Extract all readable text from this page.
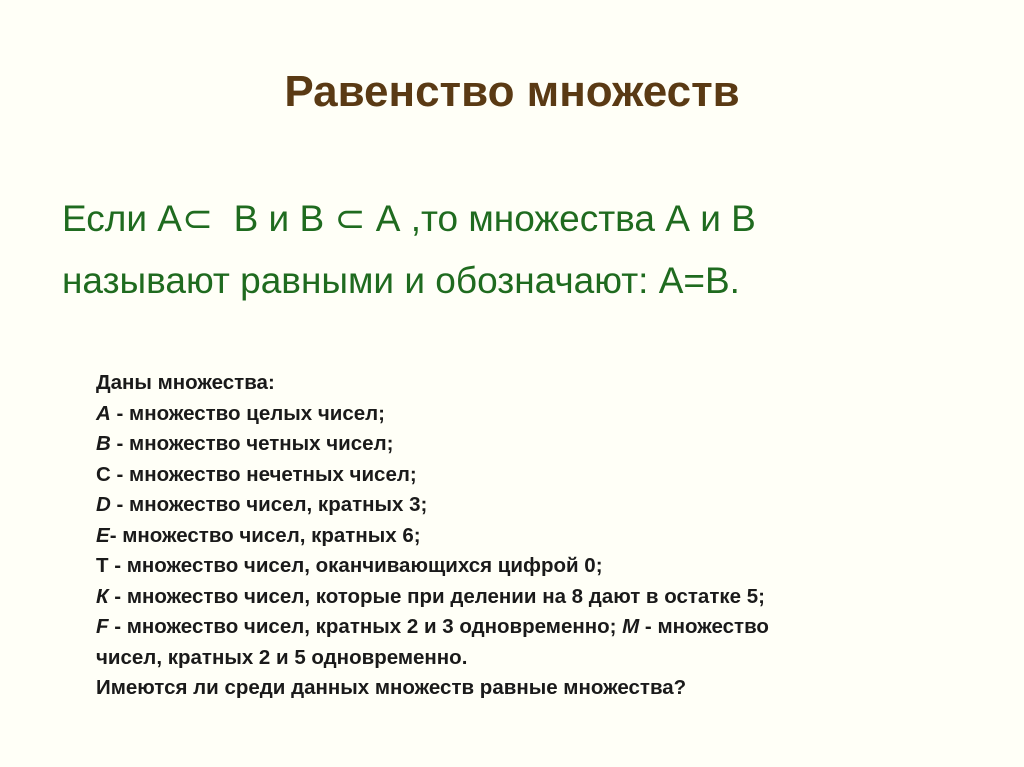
Равенство множеств
Если А⊂ В и В ⊂ А ,то множества А и В
называют равными и обозначают: А=В.
Даны множества:
А - множество целых чисел;
В - множество четных чисел;
С - множество нечетных чисел;
D - множество чисел, кратных 3;
Е- множество чисел, кратных 6;
Т - множество чисел, оканчивающихся цифрой 0;
К - множество чисел, которые при делении на 8 дают в остатке 5;
F - множество чисел, кратных 2 и 3 одновременно; М - множество
чисел, кратных 2 и 5 одновременно.
Имеются ли среди данных множеств равные множества?
